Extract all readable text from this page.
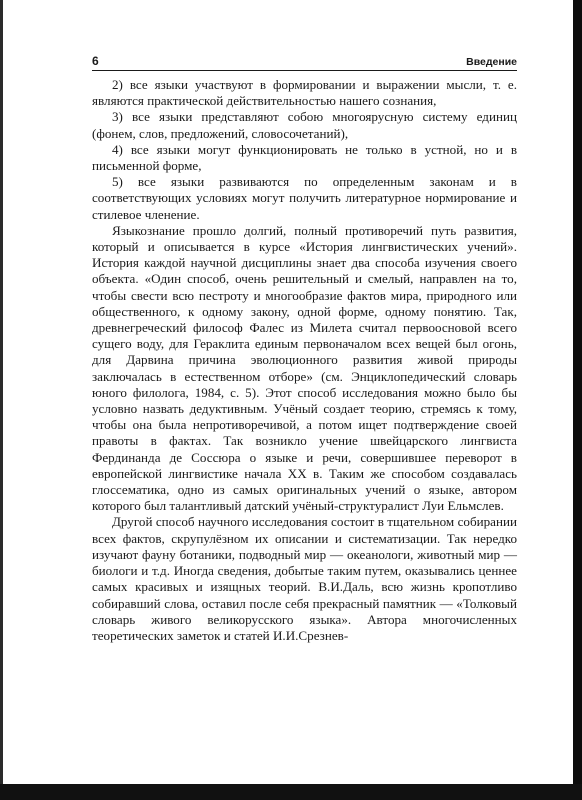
6	Введение

2) все языки участвуют в формировании и выражении мысли, т. е. являются практической действительностью нашего сознания,

3) все языки представляют собою многоярусную систему единиц (фонем, слов, предложений, словосочетаний),

4) все языки могут функционировать не только в устной, но и в письменной форме,

5) все языки развиваются по определенным законам и в соответствующих условиях могут получить литературное нормирование и стилевое членение.

Языкознание прошло долгий, полный противоречий путь развития, который и описывается в курсе «История лингвистических учений». История каждой научной дисциплины знает два способа изучения своего объекта. «Один способ, очень решительный и смелый, направлен на то, чтобы свести всю пестроту и многообразие фактов мира, природного или общественного, к одному закону, одной форме, одному понятию. Так, древнегреческий философ Фалес из Милета считал первоосновой всего сущего воду, для Гераклита единым первоначалом всех вещей был огонь, для Дарвина причина эволюционного развития живой природы заключалась в естественном отборе» (см. Энциклопедический словарь юного филолога, 1984, с. 5). Этот способ исследования можно было бы условно назвать дедуктивным. Учёный создает теорию, стремясь к тому, чтобы она была непротиворечивой, а потом ищет подтверждение своей правоты в фактах. Так возникло учение швейцарского лингвиста Фердинанда де Соссюра о языке и речи, совершившее переворот в европейской лингвистике начала XX в. Таким же способом создавалась глоссематика, одно из самых оригинальных учений о языке, автором которого был талантливый датский учёный-структуралист Луи Ельмслев.

Другой способ научного исследования состоит в тщательном собирании всех фактов, скрупулёзном их описании и систематизации. Так нередко изучают фауну ботаники, подводный мир — океанологи, животный мир — биологи и т.д. Иногда сведения, добытые таким путем, оказывались ценнее самых красивых и изящных теорий. В.И.Даль, всю жизнь кропотливо собиравший слова, оставил после себя прекрасный памятник — «Толковый словарь живого великорусского языка». Автора многочисленных теоретических заметок и статей И.И.Срезнев-
